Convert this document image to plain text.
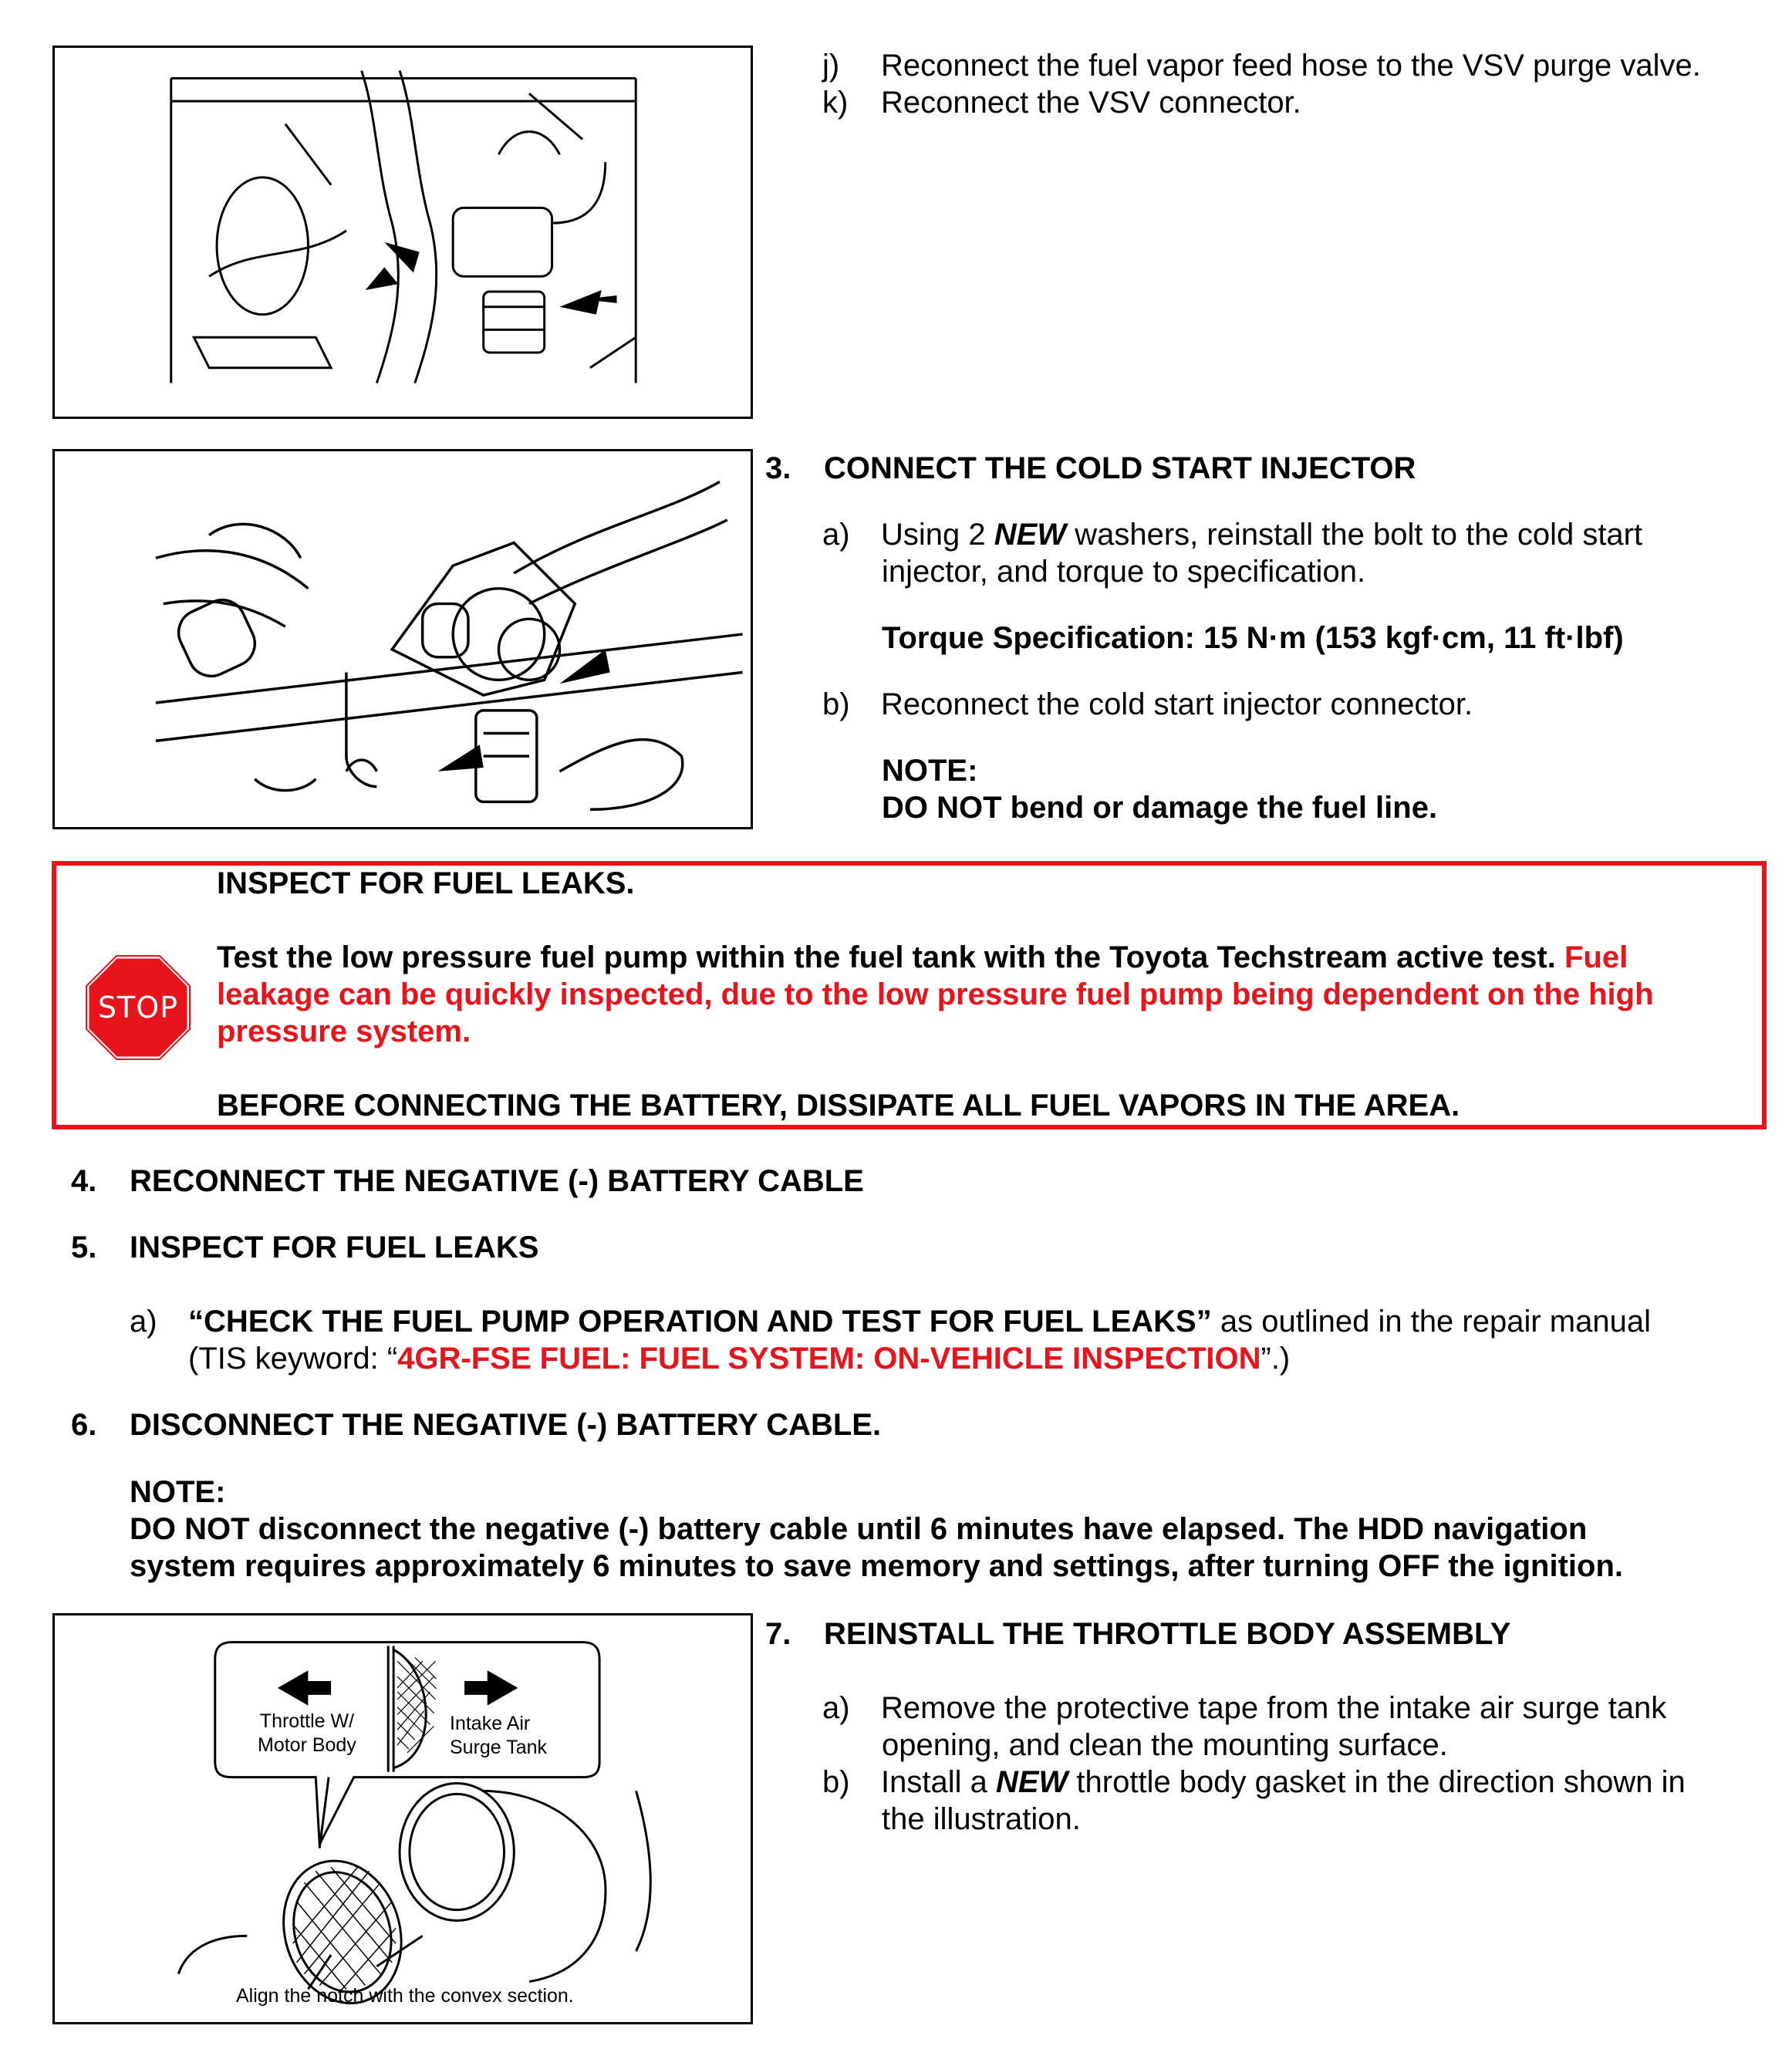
j)	Reconnect the fuel vapor feed hose to the VSV purge valve.
k)	Reconnect the VSV connector.
3.	CONNECT THE COLD START INJECTOR
a)	Using 2 NEW washers, reinstall the bolt to the cold start
injector, and torque to specification.
Torque Specification: 15 N·m (153 kgf·cm, 11 ft·lbf)
b)	Reconnect the cold start injector connector.
NOTE:
DO NOT bend or damage the fuel line.
STOP
INSPECT FOR FUEL LEAKS.
Test the low pressure fuel pump within the fuel tank with the Toyota Techstream active test. Fuel
leakage can be quickly inspected, due to the low pressure fuel pump being dependent on the high
pressure system.
BEFORE CONNECTING THE BATTERY, DISSIPATE ALL FUEL VAPORS IN THE AREA.
4.	RECONNECT THE NEGATIVE (-) BATTERY CABLE
5.	INSPECT FOR FUEL LEAKS
a)	“CHECK THE FUEL PUMP OPERATION AND TEST FOR FUEL LEAKS” as outlined in the repair manual
(TIS keyword: “4GR-FSE FUEL: FUEL SYSTEM: ON-VEHICLE INSPECTION”.)
6.	DISCONNECT THE NEGATIVE (-) BATTERY CABLE.
NOTE:
DO NOT disconnect the negative (-) battery cable until 6 minutes have elapsed. The HDD navigation
system requires approximately 6 minutes to save memory and settings, after turning OFF the ignition.
Throttle W/
Motor Body
Intake Air
Surge Tank
Align the notch with the convex section.
7.	REINSTALL THE THROTTLE BODY ASSEMBLY
a)	Remove the protective tape from the intake air surge tank
opening, and clean the mounting surface.
b)	Install a NEW throttle body gasket in the direction shown in
the illustration.
